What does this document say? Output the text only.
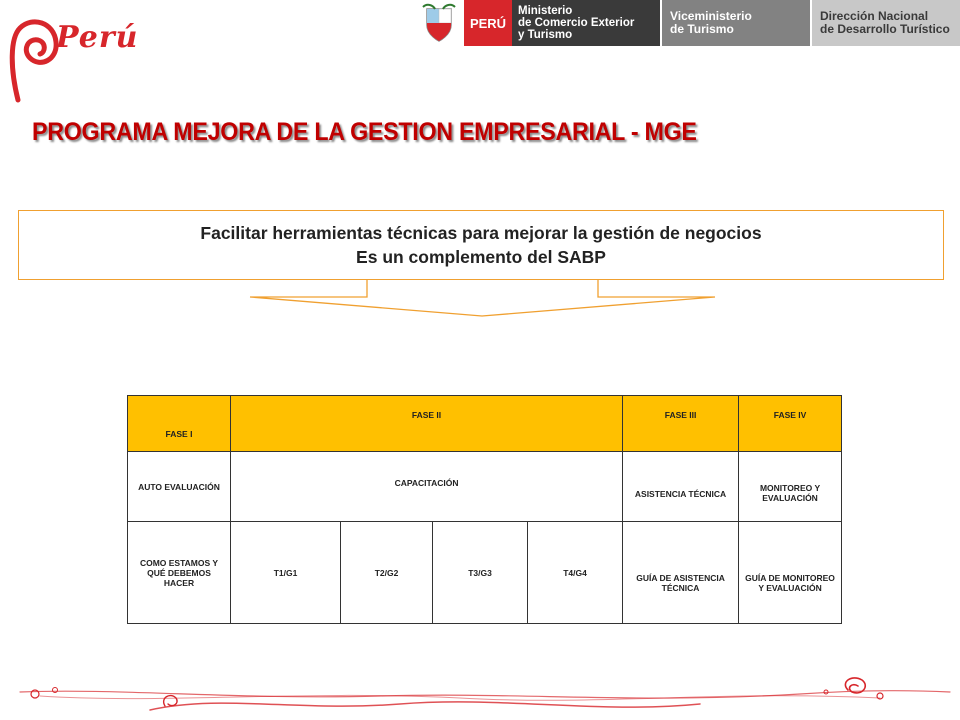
Perú	PERÚ
Ministerio
de Comercio Exterior
y Turismo
Viceministerio
de Turismo
Dirección Nacional
de Desarrollo Turístico
PROGRAMA MEJORA DE LA GESTION EMPRESARIAL - MGE
Facilitar herramientas técnicas para mejorar la gestión de negocios
Es un complemento del SABP
FASE I	FASE II				FASE III	FASE IV
AUTO EVALUACIÓN	CAPACITACIÓN				ASISTENCIA TÉCNICA	MONITOREO Y EVALUACIÓN
COMO ESTAMOS Y QUÉ DEBEMOS HACER	T1/G1	T2/G2	T3/G3	T4/G4	GUÍA DE ASISTENCIA TÉCNICA	GUÍA DE MONITOREO Y EVALUACIÓN
